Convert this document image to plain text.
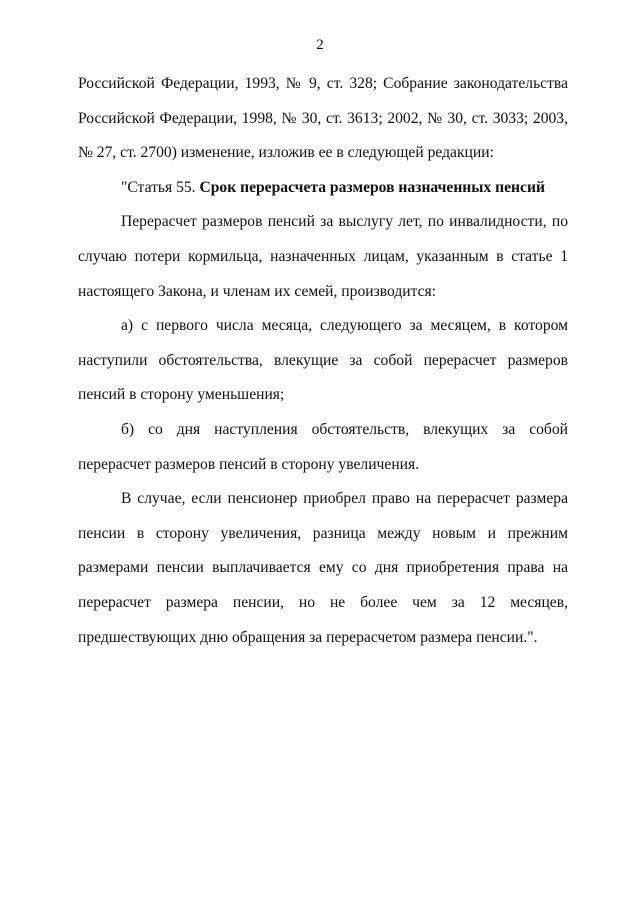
2

Российской Федерации, 1993, № 9, ст. 328; Собрание законодательства Российской Федерации, 1998, № 30, ст. 3613; 2002, № 30, ст. 3033; 2003, № 27, ст. 2700) изменение, изложив ее в следующей редакции:

"Статья 55. Срок перерасчета размеров назначенных пенсий

Перерасчет размеров пенсий за выслугу лет, по инвалидности, по случаю потери кормильца, назначенных лицам, указанным в статье 1 настоящего Закона, и членам их семей, производится:

а) с первого числа месяца, следующего за месяцем, в котором наступили обстоятельства, влекущие за собой перерасчет размеров пенсий в сторону уменьшения;

б) со дня наступления обстоятельств, влекущих за собой перерасчет размеров пенсий в сторону увеличения.

В случае, если пенсионер приобрел право на перерасчет размера пенсии в сторону увеличения, разница между новым и прежним размерами пенсии выплачивается ему со дня приобретения права на перерасчет размера пенсии, но не более чем за 12 месяцев, предшествующих дню обращения за перерасчетом размера пенсии.".
